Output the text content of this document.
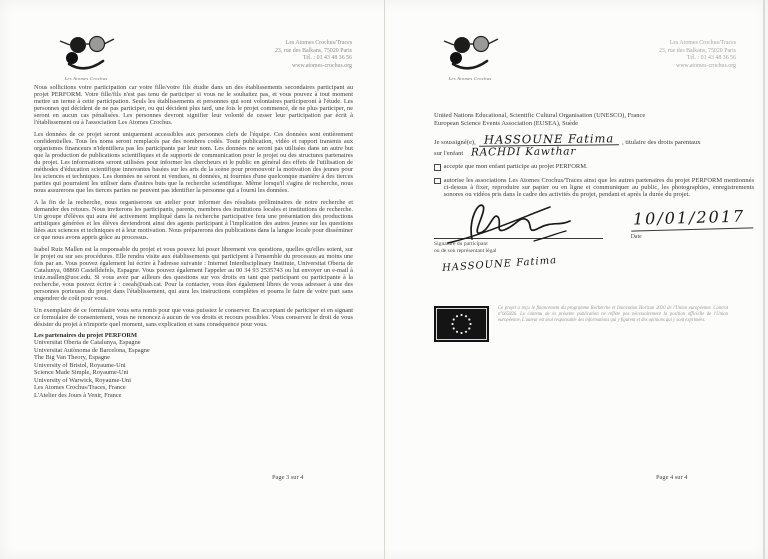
Les Atomes Crochus
Les Atomes Crochus/Traces
23, rue des Balkans, 75020 Paris
Tél. : 01 43 48 36 56
www.atomes-crochus.org

Nous sollicitons votre participation car votre fille/votre fils étudie dans un des établissements secondaires participant au projet PERFORM. Votre fille/fils n'est pas tenu de participer si vous ne le souhaitez pas, et vous pouvez à tout moment mettre un terme à cette participation. Seuls les établissements et personnes qui sont volontaires participeront à l'étude. Les personnes qui décident de ne pas participer, ou qui décident plus tard, une fois le projet commencé, de ne plus participer, ne seront en aucun cas pénalisées. Les personnes devront signifier leur volonté de cesser leur participation par écrit à l'établissement ou à l'association Les Atomes Crochus.

Les données de ce projet seront uniquement accessibles aux personnes clefs de l'équipe. Ces données sont entièrement confidentielles. Tous les noms seront remplacés par des nombres codés. Toute publication, vidéo et rapport transmis aux organismes financeurs n'identifiera pas les participants par leur nom. Les données ne seront pas utilisées dans un autre but que la production de publications scientifiques et de supports de communication pour le projet ou des structures partenaires du projet. Les informations seront utilisées pour informer les chercheurs et le public en général des effets de l'utilisation de méthodes d'éducation scientifique innovantes basées sur les arts de la scène pour promouvoir la motivation des jeunes pour les sciences et techniques. Les données ne seront ni vendues, ni données, ni fournies d'une quelconque manière à des tierces parties qui pourraient les utiliser dans d'autres buts que la recherche scientifique. Même lorsqu'il s'agira de recherche, nous nous assurerons que les tierces parties ne peuvent pas identifier la personne qui a fourni les données.

A la fin de la recherche, nous organiserons un atelier pour informer des résultats préliminaires de notre recherche et demander des retours. Nous inviterons les participants, parents, membres des institutions locales et institutions de recherche. Un groupe d'élèves qui aura été activement impliqué dans la recherche participative fera une présentation des productions artistiques générées et les élèves deviendront ainsi des agents participant à l'implication des autres jeunes sur les questions liées aux sciences et techniques et à leur motivation. Nous préparerons des publications dans la langue locale pour disséminer ce que nous avons appris grâce au processus.

Isabel Ruiz Mallen est la responsable du projet et vous pouvez lui poser librement vos questions, quelles qu'elles soient, sur le projet ou sur ses procédures. Elle rendra visite aux établissements qui participent à l'ensemble du processus au moins une fois par an. Vous pouvez également lui écrire à l'adresse suivante : Internet Interdisciplinary Institute, Universitat Oberta de Catalunya, 08860 Castelldefels, Espagne. Vous pouvez également l'appeler au 00 34 93 2535743 ou lui envoyer un e-mail à iruiz.mallen@uoc.edu. Si vous avez par ailleurs des questions sur vos droits en tant que participant ou participante à la recherche, vous pouvez écrire à : ceeah@uab.cat. Pour la contacter, vous êtes également libres de vous adresser à une des personnes porteuses du projet dans l'établissement, qui aura les instructions complètes et pourra le faire de votre part sans engendrer de coût pour vous.

Un exemplaire de ce formulaire vous sera remis pour que vous puissiez le conserver. En acceptant de participer et en signant ce formulaire de consentement, vous ne renoncez à aucun de vos droits et recours possibles. Vous conservez le droit de vous désister du projet à n'importe quel moment, sans explication et sans conséquence pour vous.

Les partenaires du projet PERFORM
Universitat Oberta de Catalunya, Espagne
Universitat Autònoma de Barcelona, Espagne
The Big Van Theory, Espagne
University of Bristol, Royaume-Uni
Science Made Simple, Royaume-Uni
University of Warwick, Royaume-Uni
Les Atomes Crochus/Traces, France
L'Atelier des Jours à Venir, France
Page 3 sur 4
Les Atomes Crochus
Les Atomes Crochus/Traces
23, rue des Balkans, 75020 Paris
Tél. : 01 43 48 36 56
www.atomes-crochus.org
United Nations Educational, Scientific Cultural Organisation (UNESCO), France
European Science Events Association (EUSEA), Suède
Je soussigné(e), HASSOUNE Fatima	, titulaire des droits parentaux
sur l'enfant RACHDI Kawthar
accepte que mon enfant participe au projet PERFORM.
autorise les associations Les Atomes Crochus/Traces ainsi que les autres partenaires du projet PERFORM mentionnés ci-dessus à fixer, reproduire sur papier ou en ligne et communiquer au public, les photographies, enregistrements sonores ou vidéos pris dans le cadre des activités du projet, pendant et après la durée du projet.
Signature du participant
ou de son représentant légal
HASSOUNE Fatima
10/01/2017
Date
Ce projet a reçu le financement du programme Recherche et Innovation Horizon 2020 de l'Union européenne. Contrat n°665826. Le contenu de la présente publication ne reflète pas nécessairement la position officielle de l'Union européenne. L'auteur est seul responsable des informations qui y figurent et des opinions qui y sont exprimées.
Page 4 sur 4
